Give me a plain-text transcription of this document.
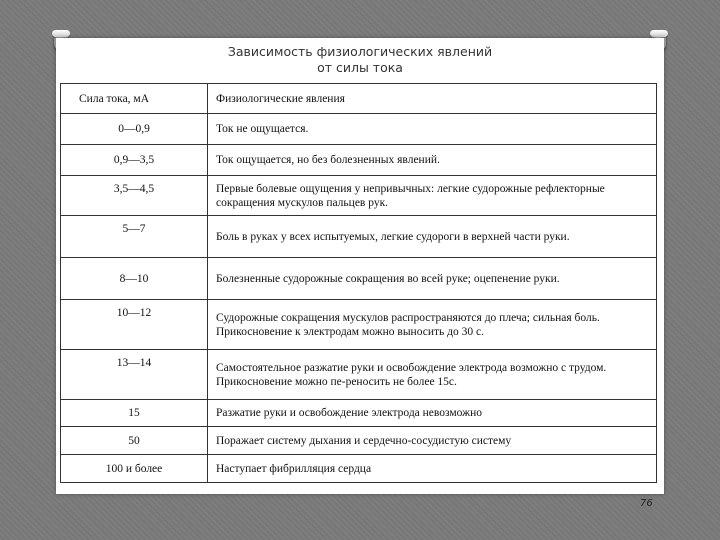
Зависимость физиологических явлений
от силы тока
Сила тока, мА	Физиологические явления
0—0,9	Ток не ощущается.
0,9—3,5	Ток ощущается, но без болезненных явлений.
3,5—4,5	Первые болевые ощущения у непривычных: легкие судорожные рефлекторные сокращения мускулов пальцев рук.
5—7	Боль в руках у всех испытуемых, легкие судороги в верхней части руки.
8—10	Болезненные судорожные сокращения во всей руке; оцепенение руки.
10—12	Судорожные сокращения мускулов распространяются до плеча; сильная боль. Прикосновение к электродам можно выносить до 30 с.
13—14	Самостоятельное разжатие руки и освобождение электрода возможно с трудом. Прикосновение можно пе-реносить не более 15с.
15	Разжатие руки и освобождение электрода невозможно
50	Поражает систему дыхания и сердечно-сосудистую систему
100 и более	Наступает фибрилляция сердца
76
